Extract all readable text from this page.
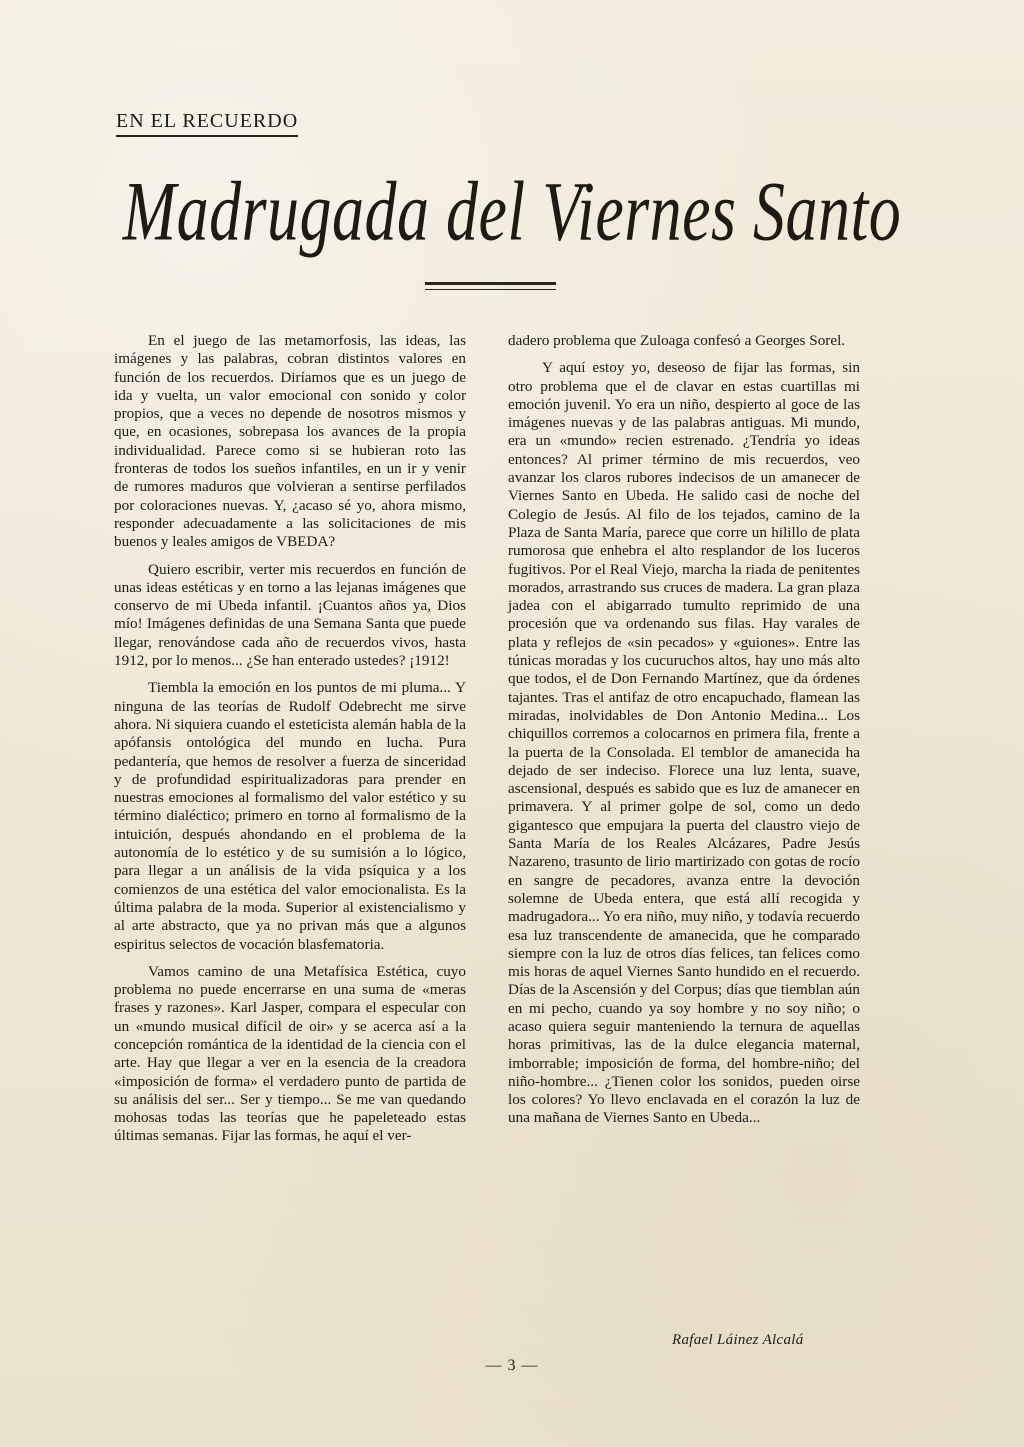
EN EL RECUERDO
Madrugada del Viernes Santo

En el juego de las metamorfosis, las ideas, las imágenes y las palabras, cobran distintos valores en función de los recuerdos. Diríamos que es un juego de ida y vuelta, un valor emocional con sonido y color propios, que a veces no depende de nosotros mismos y que, en ocasiones, sobrepasa los avances de la propia individualidad. Parece como si se hubieran roto las fronteras de todos los sueños infantiles, en un ir y venir de rumores maduros que volvieran a sentirse perfilados por coloraciones nuevas. Y, ¿acaso sé yo, ahora mismo, responder adecuadamente a las solicitaciones de mis buenos y leales amigos de VBEDA?

Quiero escribir, verter mis recuerdos en función de unas ideas estéticas y en torno a las lejanas imágenes que conservo de mi Ubeda infantil. ¡Cuantos años ya, Dios mío! Imágenes definidas de una Semana Santa que puede llegar, renovándose cada año de recuerdos vivos, hasta 1912, por lo menos... ¿Se han enterado ustedes? ¡1912!

Tiembla la emoción en los puntos de mi pluma... Y ninguna de las teorías de Rudolf Odebrecht me sirve ahora. Ni siquiera cuando el esteticista alemán habla de la apófansis ontológica del mundo en lucha. Pura pedantería, que hemos de resolver a fuerza de sinceridad y de profundidad espiritualizadoras para prender en nuestras emociones al formalismo del valor estético y su término dialéctico; primero en torno al formalismo de la intuición, después ahondando en el problema de la autonomía de lo estético y de su sumisión a lo lógico, para llegar a un análisis de la vida psíquica y a los comienzos de una estética del valor emocionalista. Es la última palabra de la moda. Superior al existencialismo y al arte abstracto, que ya no privan más que a algunos espiritus selectos de vocación blasfematoria.

Vamos camino de una Metafísica Estética, cuyo problema no puede encerrarse en una suma de «meras frases y razones». Karl Jasper, compara el especular con un «mundo musical difícil de oir» y se acerca así a la concepción romántica de la identidad de la ciencia con el arte. Hay que llegar a ver en la esencia de la creadora «imposición de forma» el verdadero punto de partida de su análisis del ser... Ser y tiempo... Se me van quedando mohosas todas las teorías que he papeleteado estas últimas semanas. Fijar las formas, he aquí el ver-

dadero problema que Zuloaga confesó a Georges Sorel.

Y aquí estoy yo, deseoso de fijar las formas, sin otro problema que el de clavar en estas cuartillas mi emoción juvenil. Yo era un niño, despierto al goce de las imágenes nuevas y de las palabras antiguas. Mi mundo, era un «mundo» recien estrenado. ¿Tendría yo ideas entonces? Al primer término de mis recuerdos, veo avanzar los claros rubores indecisos de un amanecer de Viernes Santo en Ubeda. He salido casi de noche del Colegio de Jesús. Al filo de los tejados, camino de la Plaza de Santa María, parece que corre un hilillo de plata rumorosa que enhebra el alto resplandor de los luceros fugitivos. Por el Real Viejo, marcha la riada de penitentes morados, arrastrando sus cruces de madera. La gran plaza jadea con el abigarrado tumulto reprimido de una procesión que va ordenando sus filas. Hay varales de plata y reflejos de «sin pecados» y «guiones». Entre las túnicas moradas y los cucuruchos altos, hay uno más alto que todos, el de Don Fernando Martínez, que da órdenes tajantes. Tras el antifaz de otro encapuchado, flamean las miradas, inolvidables de Don Antonio Medina... Los chiquillos corremos a colocarnos en primera fila, frente a la puerta de la Consolada. El temblor de amanecida ha dejado de ser indeciso. Florece una luz lenta, suave, ascensional, después es sabido que es luz de amanecer en primavera. Y al primer golpe de sol, como un dedo gigantesco que empujara la puerta del claustro viejo de Santa María de los Reales Alcázares, Padre Jesús Nazareno, trasunto de lirio martirizado con gotas de rocío en sangre de pecadores, avanza entre la devoción solemne de Ubeda entera, que está allí recogida y madrugadora... Yo era niño, muy niño, y todavía recuerdo esa luz transcendente de amanecida, que he comparado siempre con la luz de otros días felices, tan felices como mis horas de aquel Viernes Santo hundido en el recuerdo. Días de la Ascensión y del Corpus; días que tiemblan aún en mi pecho, cuando ya soy hombre y no soy niño; o acaso quiera seguir manteniendo la ternura de aquellas horas primitivas, las de la dulce elegancia maternal, imborrable; imposición de forma, del hombre-niño; del niño-hombre... ¿Tienen color los sonidos, pueden oirse los colores? Yo llevo enclavada en el corazón la luz de una mañana de Viernes Santo en Ubeda...

Rafael Láinez Alcalá
— 3 —
